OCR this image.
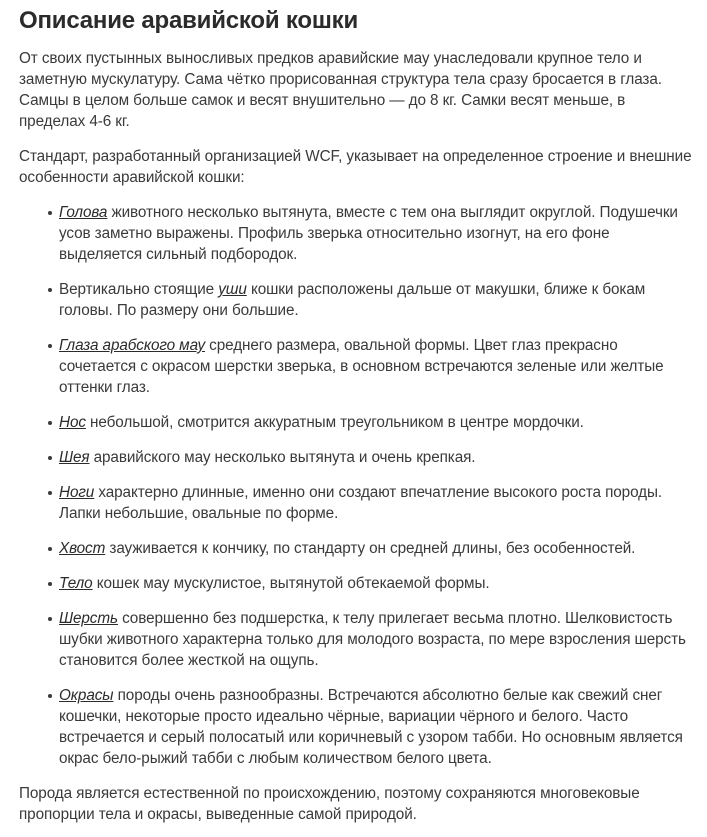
Описание аравийской кошки

От своих пустынных выносливых предков аравийские мау унаследовали крупное тело и заметную мускулатуру. Сама чётко прорисованная структура тела сразу бросается в глаза. Самцы в целом больше самок и весят внушительно — до 8 кг. Самки весят меньше, в пределах 4-6 кг.

Стандарт, разработанный организацией WCF, указывает на определенное строение и внешние особенности аравийской кошки:

Голова животного несколько вытянута, вместе с тем она выглядит округлой. Подушечки усов заметно выражены. Профиль зверька относительно изогнут, на его фоне выделяется сильный подбородок.
Вертикально стоящие уши кошки расположены дальше от макушки, ближе к бокам головы. По размеру они большие.
Глаза арабского мау среднего размера, овальной формы. Цвет глаз прекрасно сочетается с окрасом шерстки зверька, в основном встречаются зеленые или желтые оттенки глаз.
Нос небольшой, смотрится аккуратным треугольником в центре мордочки.
Шея аравийского мау несколько вытянута и очень крепкая.
Ноги характерно длинные, именно они создают впечатление высокого роста породы. Лапки небольшие, овальные по форме.
Хвост зауживается к кончику, по стандарту он средней длины, без особенностей.
Тело кошек мау мускулистое, вытянутой обтекаемой формы.
Шерсть совершенно без подшерстка, к телу прилегает весьма плотно. Шелковистость шубки животного характерна только для молодого возраста, по мере взросления шерсть становится более жесткой на ощупь.
Окрасы породы очень разнообразны. Встречаются абсолютно белые как свежий снег кошечки, некоторые просто идеально чёрные, вариации чёрного и белого. Часто встречается и серый полосатый или коричневый с узором табби. Но основным является окрас бело-рыжий табби с любым количеством белого цвета.

Порода является естественной по происхождению, поэтому сохраняются многовековые пропорции тела и окрасы, выведенные самой природой.
